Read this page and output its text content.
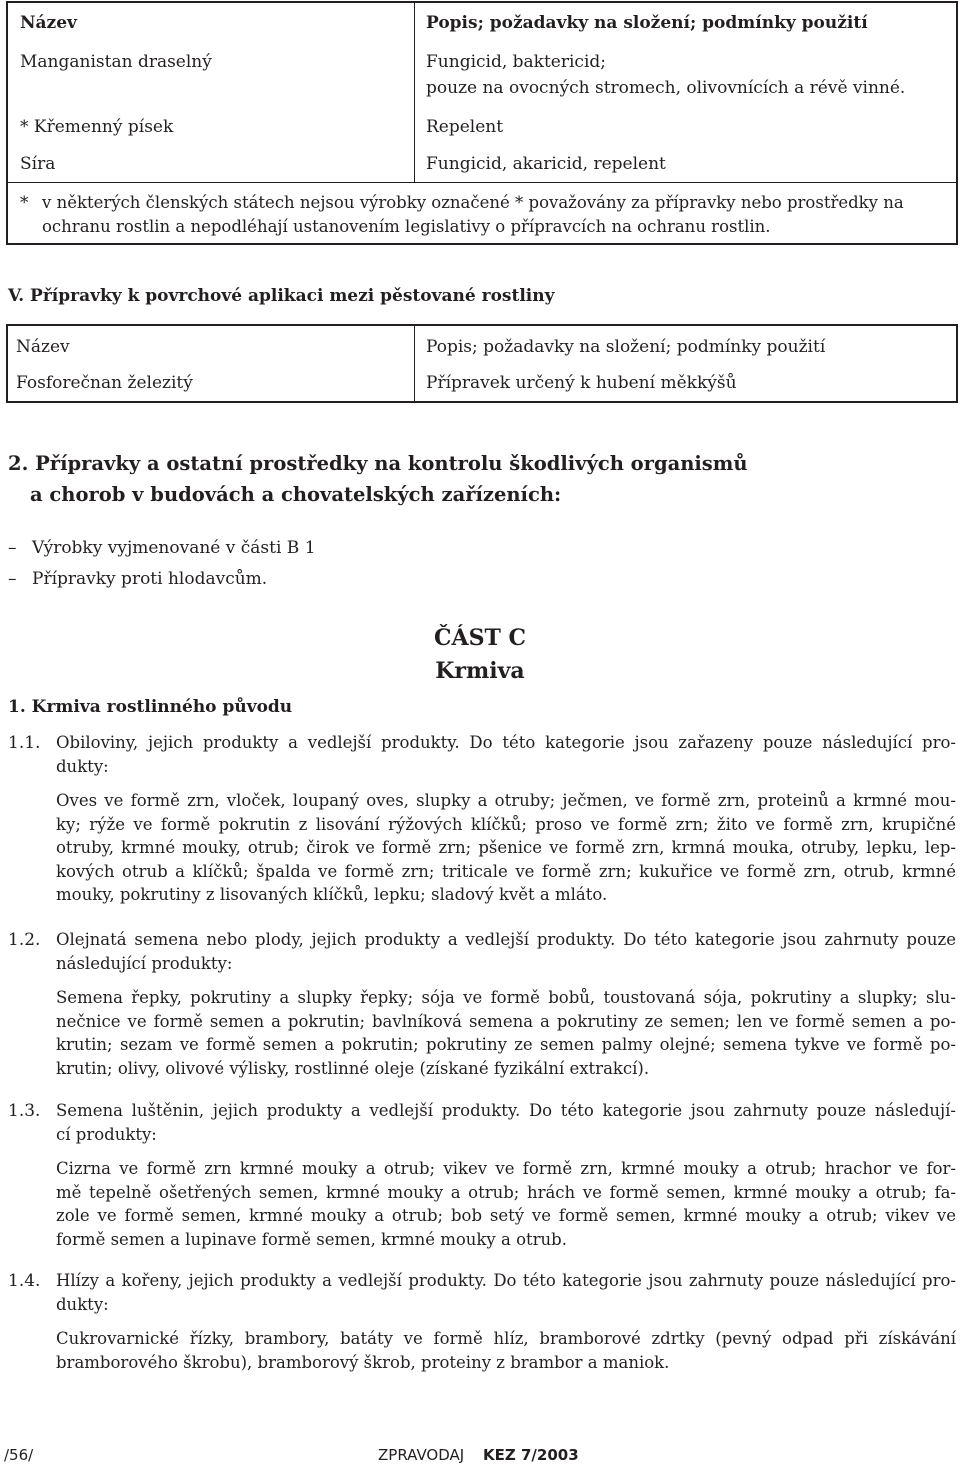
Název	Popis; požadavky na složení; podmínky použití
Manganistan draselný	Fungicid, baktericid;
pouze na ovocných stromech, olivovnících a révě vinné.
* Křemenný písek	Repelent
Síra	Fungicid, akaricid, repelent
* v některých členských státech nejsou výrobky označené * považovány za přípravky nebo prostředky na
ochranu rostlin a nepodléhají ustanovením legislativy o přípravcích na ochranu rostlin.
V. Přípravky k povrchové aplikaci mezi pěstované rostliny
Název	Popis; požadavky na složení; podmínky použití
Fosforečnan železitý	Přípravek určený k hubení měkkýšů
2. Přípravky a ostatní prostředky na kontrolu škodlivých organismů
a chorob v budovách a chovatelských zařízeních:
– Výrobky vyjmenované v části B 1
– Přípravky proti hlodavcům.
ČÁST C
Krmiva
1. Krmiva rostlinného původu
1.1. Obiloviny, jejich produkty a vedlejší produkty. Do této kategorie jsou zařazeny pouze následující pro-
dukty:
Oves ve formě zrn, vloček, loupaný oves, slupky a otruby; ječmen, ve formě zrn, proteinů a krmné mou-
ky; rýže ve formě pokrutin z lisování rýžových klíčků; proso ve formě zrn; žito ve formě zrn, krupičné
otruby, krmné mouky, otrub; čirok ve formě zrn; pšenice ve formě zrn, krmná mouka, otruby, lepku, lep-
kových otrub a klíčků; špalda ve formě zrn; triticale ve formě zrn; kukuřice ve formě zrn, otrub, krmné
mouky, pokrutiny z lisovaných klíčků, lepku; sladový květ a mláto.
1.2. Olejnatá semena nebo plody, jejich produkty a vedlejší produkty. Do této kategorie jsou zahrnuty pouze
následující produkty:
Semena řepky, pokrutiny a slupky řepky; sója ve formě bobů, toustovaná sója, pokrutiny a slupky; slu-
nečnice ve formě semen a pokrutin; bavlníková semena a pokrutiny ze semen; len ve formě semen a po-
krutin; sezam ve formě semen a pokrutin; pokrutiny ze semen palmy olejné; semena tykve ve formě po-
krutin; olivy, olivové výlisky, rostlinné oleje (získané fyzikální extrakcí).
1.3. Semena luštěnin, jejich produkty a vedlejší produkty. Do této kategorie jsou zahrnuty pouze následují-
cí produkty:
Cizrna ve formě zrn krmné mouky a otrub; vikev ve formě zrn, krmné mouky a otrub; hrachor ve for-
mě tepelně ošetřených semen, krmné mouky a otrub; hrách ve formě semen, krmné mouky a otrub; fa-
zole ve formě semen, krmné mouky a otrub; bob setý ve formě semen, krmné mouky a otrub; vikev ve
formě semen a lupinave formě semen, krmné mouky a otrub.
1.4. Hlízy a kořeny, jejich produkty a vedlejší produkty. Do této kategorie jsou zahrnuty pouze následující pro-
dukty:
Cukrovarnické řízky, brambory, batáty ve formě hlíz, bramborové zdrtky (pevný odpad při získávání
bramborového škrobu), bramborový škrob, proteiny z brambor a maniok.
/56/	ZPRAVODAJ KEZ 7/2003
